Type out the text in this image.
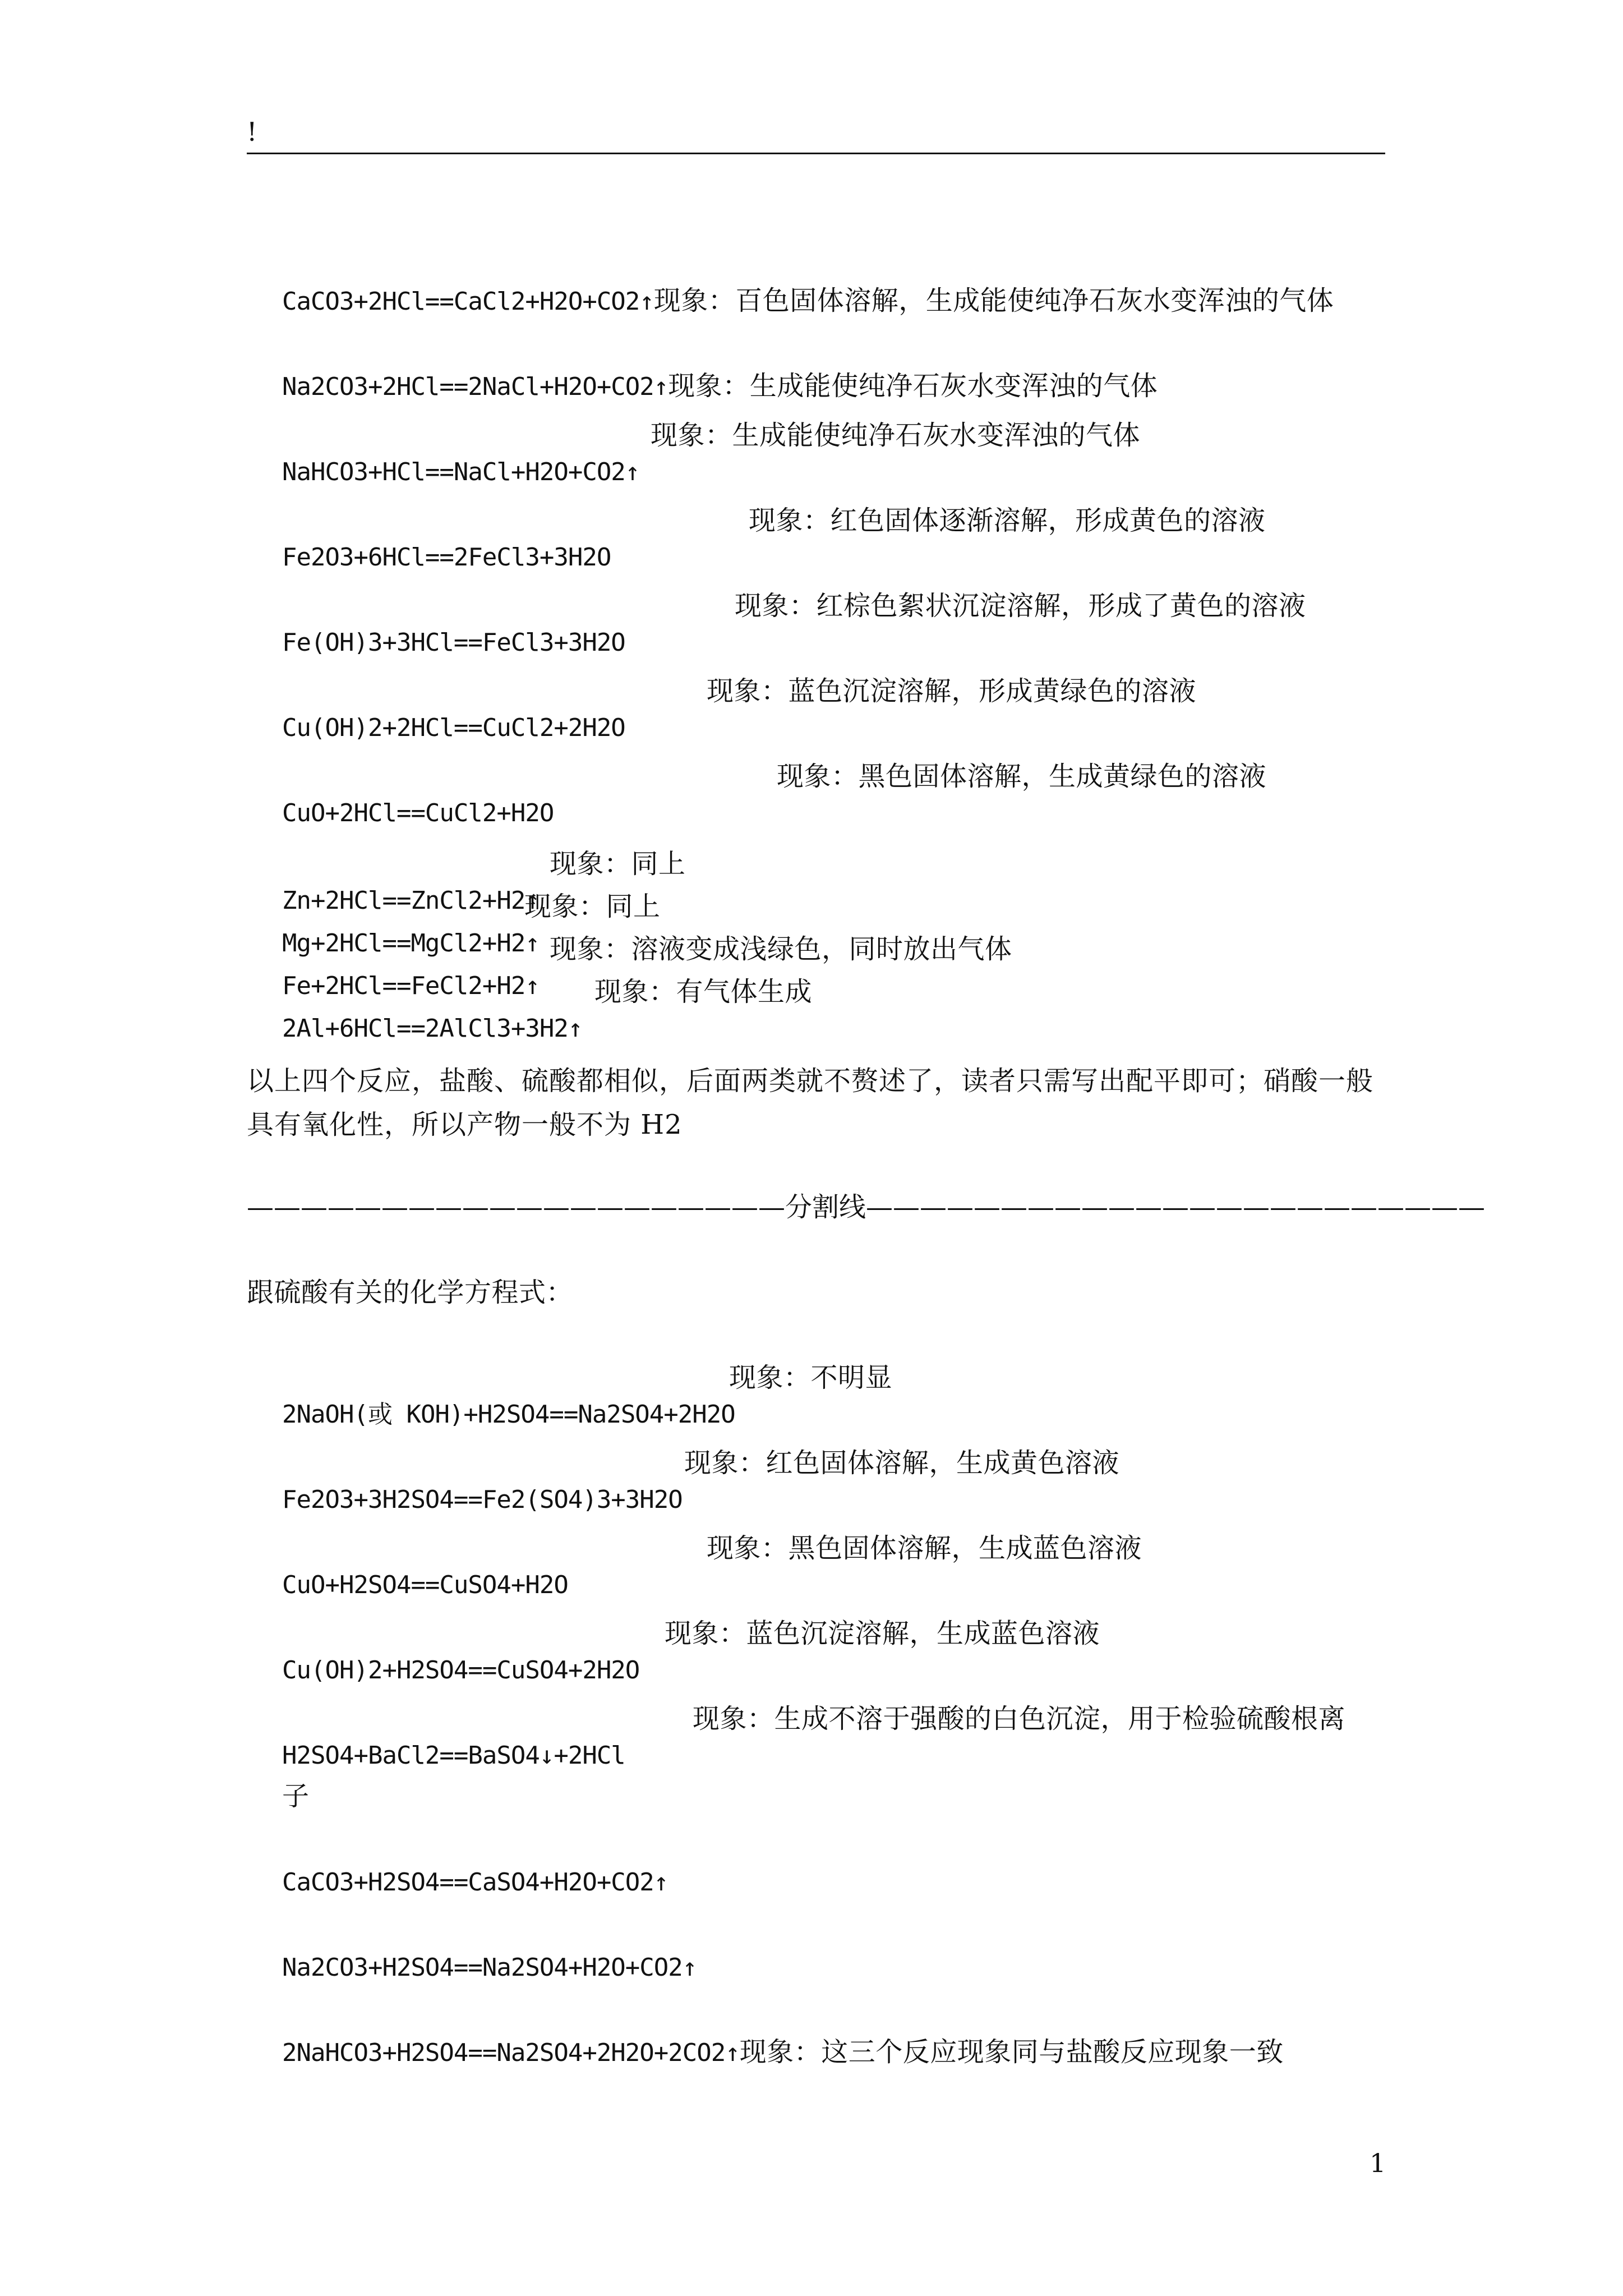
!

CaCO3+2HCl==CaCl2+H2O+CO2↑现象：百色固体溶解，生成能使纯净石灰水变浑浊的气体

Na2CO3+2HCl==2NaCl+H2O+CO2↑现象：生成能使纯净石灰水变浑浊的气体

NaHCO3+HCl==NaCl+H2O+CO2↑
现象：生成能使纯净石灰水变浑浊的气体

Fe2O3+6HCl==2FeCl3+3H2O
现象：红色固体逐渐溶解，形成黄色的溶液

Fe(OH)3+3HCl==FeCl3+3H2O
现象：红棕色絮状沉淀溶解，形成了黄色的溶液

Cu(OH)2+2HCl==CuCl2+2H2O
现象：蓝色沉淀溶解，形成黄绿色的溶液

CuO+2HCl==CuCl2+H2O
现象：黑色固体溶解，生成黄绿色的溶液

Zn+2HCl==ZnCl2+H2↑
现象：同上

Mg+2HCl==MgCl2+H2↑
现象：同上

Fe+2HCl==FeCl2+H2↑
现象：溶液变成浅绿色，同时放出气体

2Al+6HCl==2AlCl3+3H2↑
现象：有气体生成

以上四个反应，盐酸、硫酸都相似，后面两类就不赘述了，读者只需写出配平即可；硝酸一般具有氧化性，所以产物一般不为 H2
————————————————————分割线———————————————————————
跟硫酸有关的化学方程式：

2NaOH(或 KOH)+H2SO4==Na2SO4+2H2O
现象：不明显

Fe2O3+3H2SO4==Fe2(SO4)3+3H2O
现象：红色固体溶解，生成黄色溶液

CuO+H2SO4==CuSO4+H2O
现象：黑色固体溶解，生成蓝色溶液

Cu(OH)2+H2SO4==CuSO4+2H2O
现象：蓝色沉淀溶解，生成蓝色溶液

H2SO4+BaCl2==BaSO4↓+2HCl
现象：生成不溶于强酸的白色沉淀，用于检验硫酸根离

子

CaCO3+H2SO4==CaSO4+H2O+CO2↑

Na2CO3+H2SO4==Na2SO4+H2O+CO2↑

2NaHCO3+H2SO4==Na2SO4+2H2O+2CO2↑现象：这三个反应现象同与盐酸反应现象一致

1
